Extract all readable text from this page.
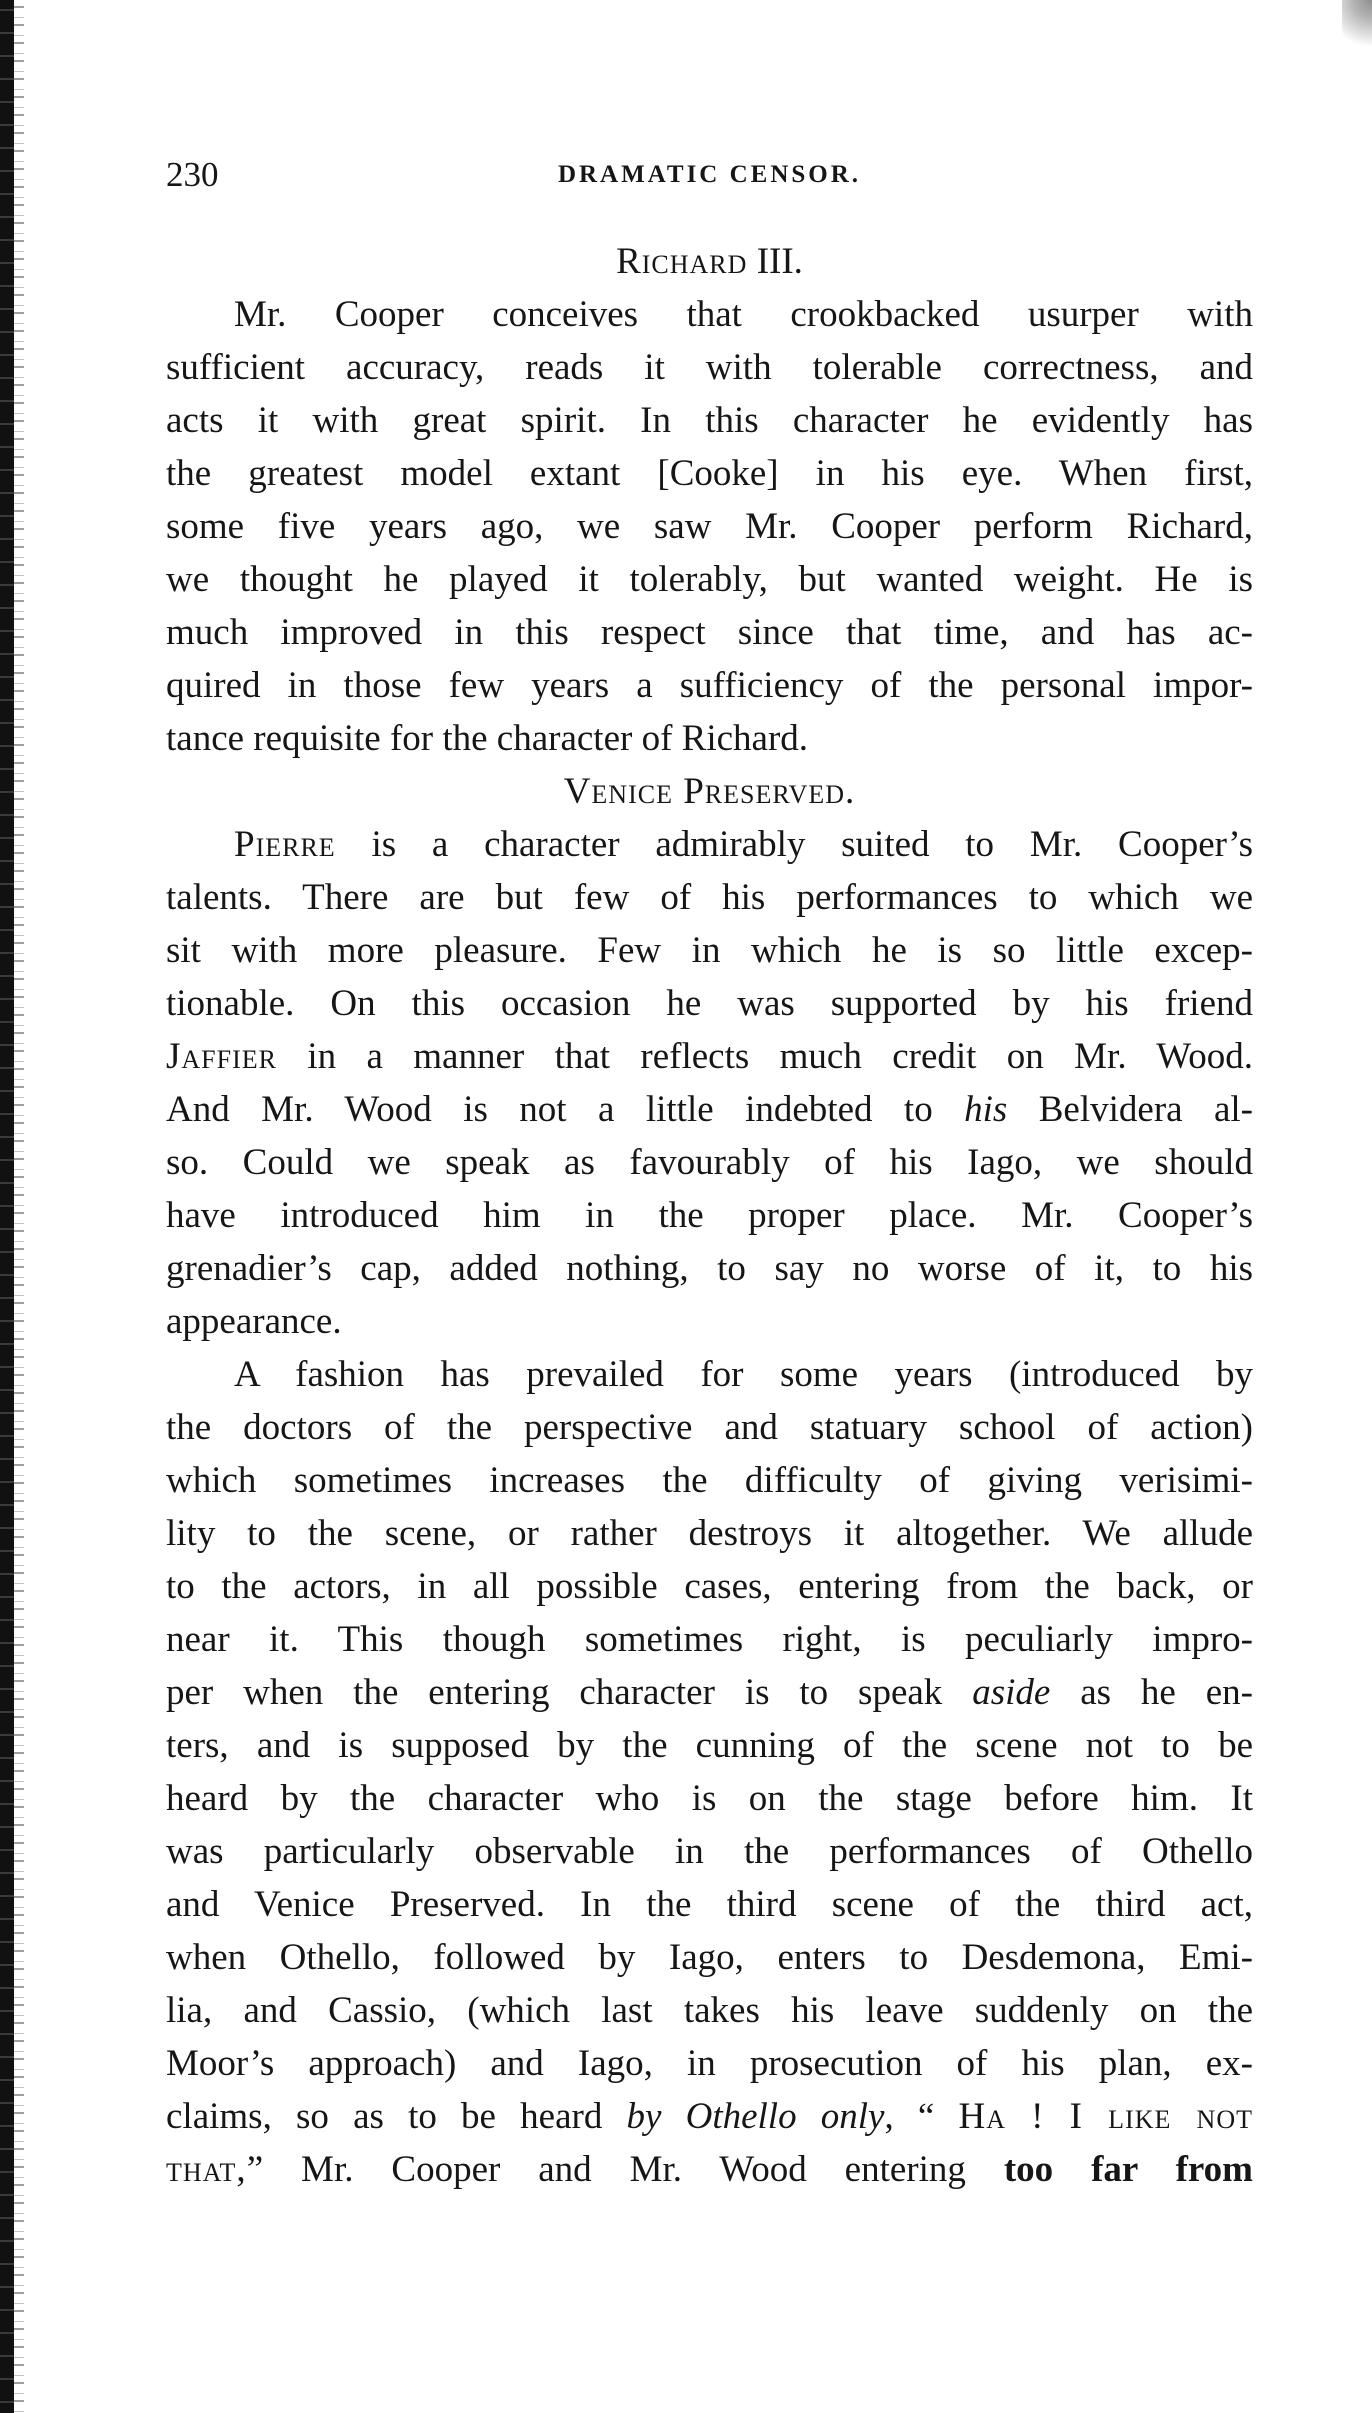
230	DRAMATIC CENSOR.
Richard III.
Mr. Cooper conceives that crookbacked usurper with
sufficient accuracy, reads it with tolerable correctness, and
acts it with great spirit. In this character he evidently has
the greatest model extant [Cooke] in his eye. When first,
some five years ago, we saw Mr. Cooper perform Richard,
we thought he played it tolerably, but wanted weight. He is
much improved in this respect since that time, and has ac-
quired in those few years a sufficiency of the personal impor-
tance requisite for the character of Richard.
Venice Preserved.
Pierre is a character admirably suited to Mr. Cooper’s
talents. There are but few of his performances to which we
sit with more pleasure. Few in which he is so little excep-
tionable. On this occasion he was supported by his friend
Jaffier in a manner that reflects much credit on Mr. Wood.
And Mr. Wood is not a little indebted to his Belvidera al-
so. Could we speak as favourably of his Iago, we should
have introduced him in the proper place. Mr. Cooper’s
grenadier’s cap, added nothing, to say no worse of it, to his
appearance.
A fashion has prevailed for some years (introduced by
the doctors of the perspective and statuary school of action)
which sometimes increases the difficulty of giving verisimi-
lity to the scene, or rather destroys it altogether. We allude
to the actors, in all possible cases, entering from the back, or
near it. This though sometimes right, is peculiarly impro-
per when the entering character is to speak aside as he en-
ters, and is supposed by the cunning of the scene not to be
heard by the character who is on the stage before him. It
was particularly observable in the performances of Othello
and Venice Preserved. In the third scene of the third act,
when Othello, followed by Iago, enters to Desdemona, Emi-
lia, and Cassio, (which last takes his leave suddenly on the
Moor’s approach) and Iago, in prosecution of his plan, ex-
claims, so as to be heard by Othello only, “ Ha ! I like not
that,” Mr. Cooper and Mr. Wood entering too far from
